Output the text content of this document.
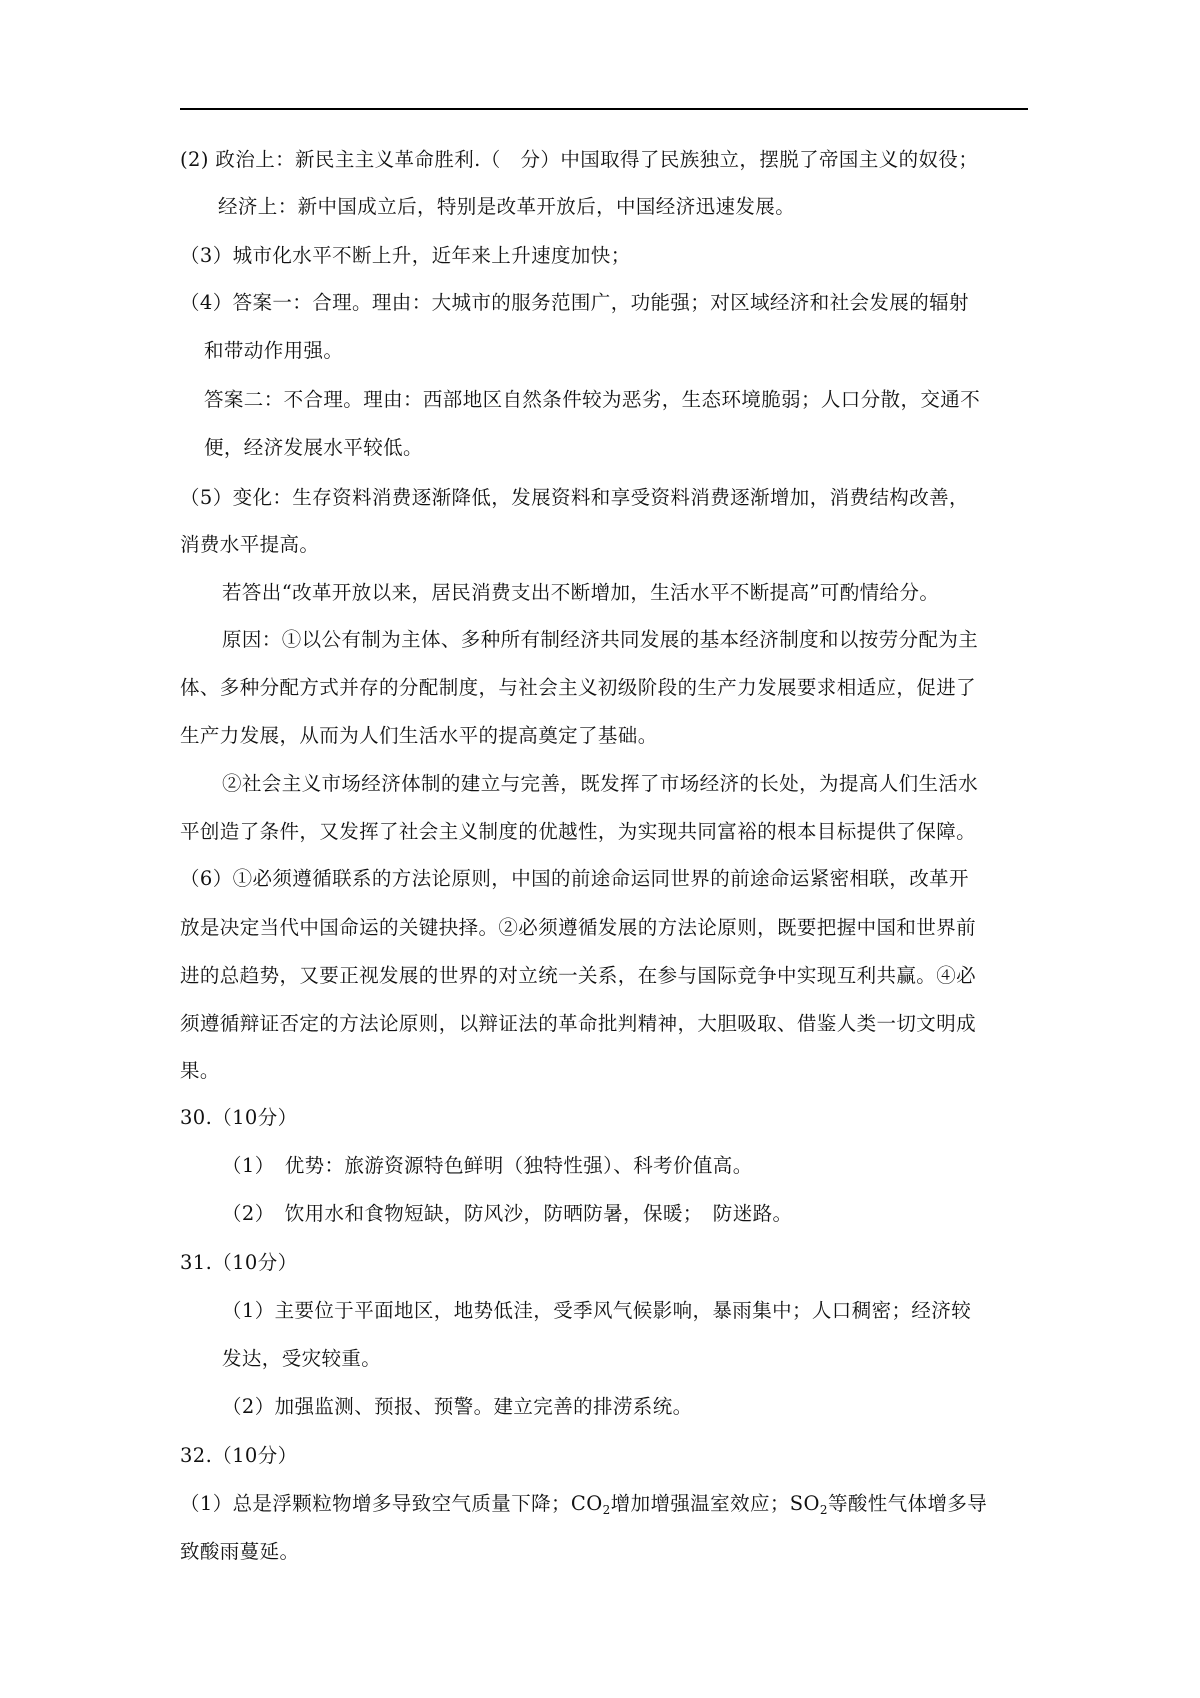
(2) 政治上：新民主主义革命胜利.（　分）中国取得了民族独立，摆脱了帝国主义的奴役；
经济上：新中国成立后，特别是改革开放后，中国经济迅速发展。
（3）城市化水平不断上升，近年来上升速度加快；
（4）答案一：合理。理由：大城市的服务范围广，功能强；对区域经济和社会发展的辐射
和带动作用强。
答案二：不合理。理由：西部地区自然条件较为恶劣，生态环境脆弱；人口分散，交通不
便，经济发展水平较低。
（5）变化：生存资料消费逐渐降低，发展资料和享受资料消费逐渐增加，消费结构改善，
消费水平提高。
若答出“改革开放以来，居民消费支出不断增加，生活水平不断提高”可酌情给分。
原因：①以公有制为主体、多种所有制经济共同发展的基本经济制度和以按劳分配为主
体、多种分配方式并存的分配制度，与社会主义初级阶段的生产力发展要求相适应，促进了
生产力发展，从而为人们生活水平的提高奠定了基础。
②社会主义市场经济体制的建立与完善，既发挥了市场经济的长处，为提高人们生活水
平创造了条件，又发挥了社会主义制度的优越性，为实现共同富裕的根本目标提供了保障。
（6）①必须遵循联系的方法论原则，中国的前途命运同世界的前途命运紧密相联，改革开
放是决定当代中国命运的关键抉择。②必须遵循发展的方法论原则，既要把握中国和世界前
进的总趋势，又要正视发展的世界的对立统一关系，在参与国际竞争中实现互利共赢。④必
须遵循辩证否定的方法论原则，以辩证法的革命批判精神，大胆吸取、借鉴人类一切文明成
果。
30.（10分）
（1）　优势：旅游资源特色鲜明（独特性强）、科考价值高。
（2）　饮用水和食物短缺，防风沙，防晒防暑，保暖；　防迷路。
31.（10分）
（1）主要位于平面地区，地势低洼，受季风气候影响，暴雨集中；人口稠密；经济较
发达，受灾较重。
（2）加强监测、预报、预警。建立完善的排涝系统。
32.（10分）
（1）总是浮颗粒物增多导致空气质量下降；$CO_2$增加增强温室效应；$SO_2$等酸性气体增多导
致酸雨蔓延。
